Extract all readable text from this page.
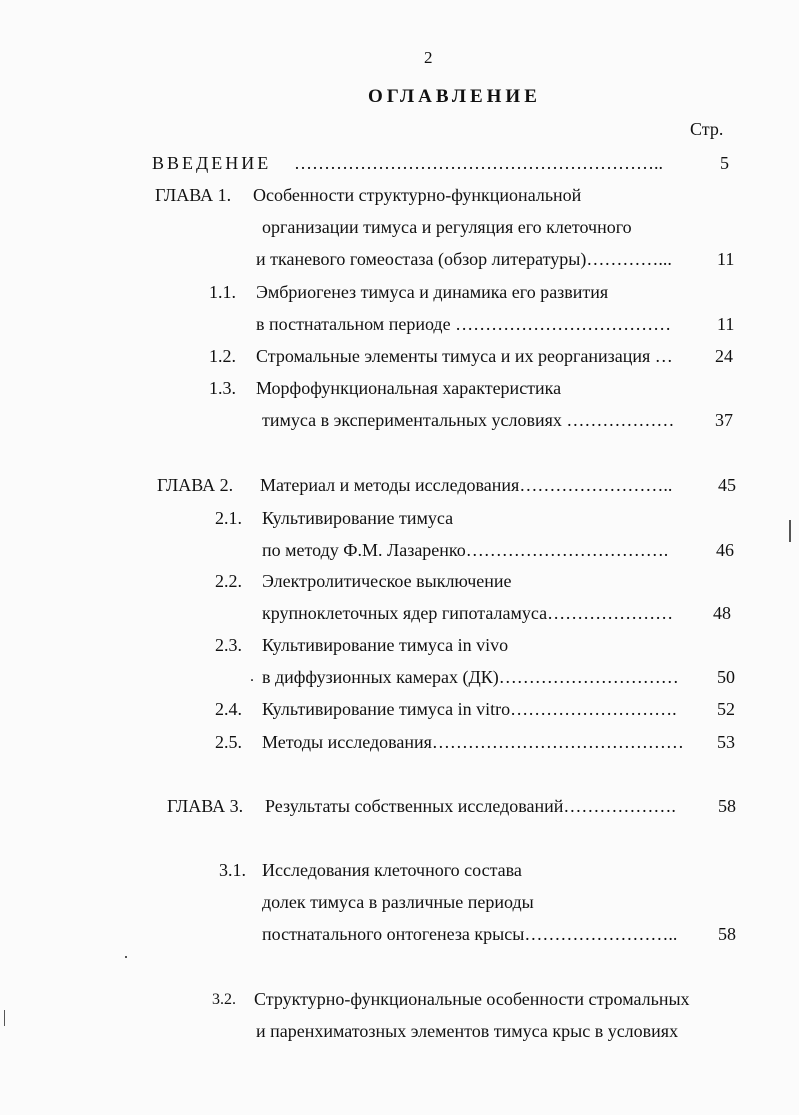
2
ОГЛАВЛЕНИЕ
Стр.
ВВЕДЕНИЕ ……………………………………………………..	5
ГЛАВА 1. Особенности структурно-функциональной
организации тимуса и регуляция его клеточного
и тканевого гомеостаза (обзор литературы)…………...	11
1.1. Эмбриогенез тимуса и динамика его развития
в постнатальном периоде ………………………………	11
1.2. Стромальные элементы тимуса и их реорганизация … 24
1.3. Морфофункциональная характеристика
тимуса в экспериментальных условиях ……………… 37
ГЛАВА 2. Материал и методы исследования……………………..	45
2.1. Культивирование тимуса
по методу Ф.М. Лазаренко…………………………….	46
2.2. Электролитическое выключение
крупноклеточных ядер гипоталамуса………………… 48
2.3. Культивирование тимуса in vivo
. в диффузионных камерах (ДК)………………………… 50
2.4. Культивирование тимуса in vitro………………………. 52
2.5. Методы исследования…………………………………… 53
ГЛАВА 3. Результаты собственных исследований………………. 58
3.1. Исследования клеточного состава
долек тимуса в различные периоды
постнатального онтогенеза крысы…………………….. 58
3.2. Структурно-функциональные особенности стромальных
и паренхиматозных элементов тимуса крыс в условиях
